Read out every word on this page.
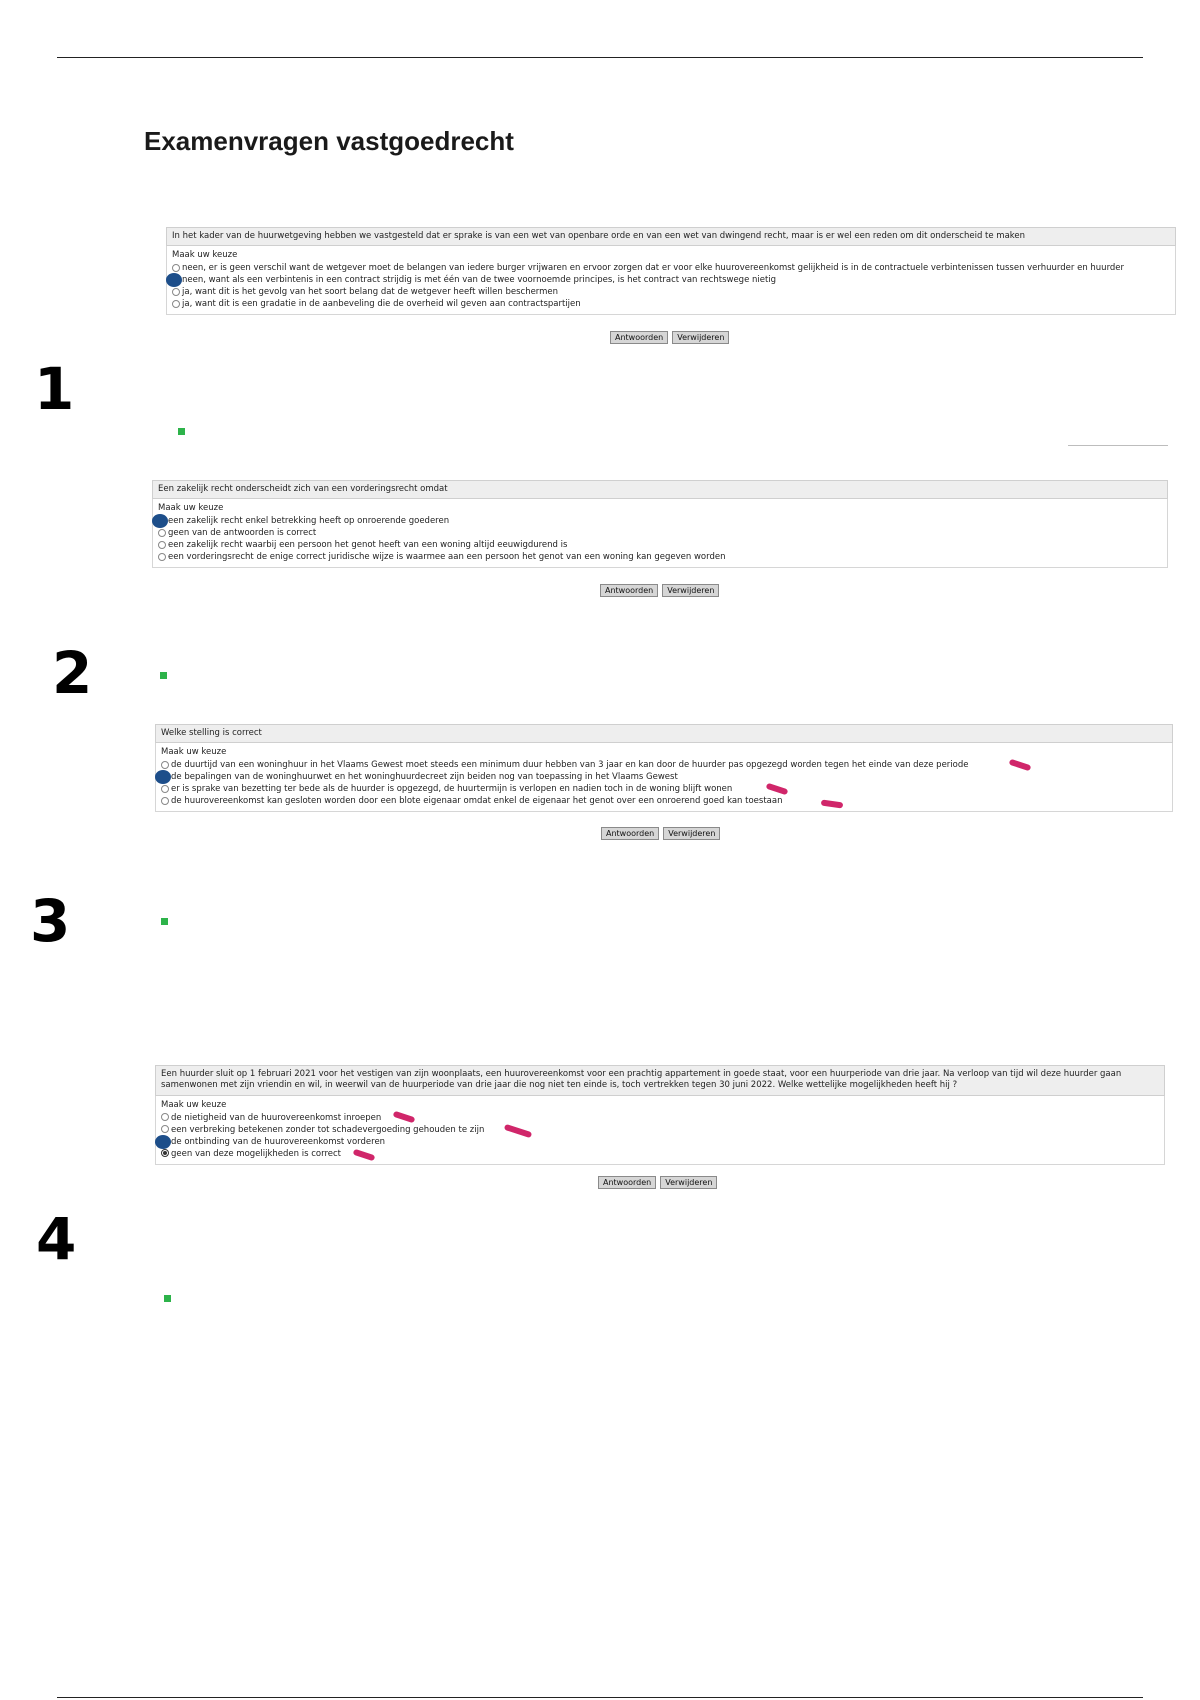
Examenvragen vastgoedrecht
In het kader van de huurwetgeving hebben we vastgesteld dat er sprake is van een wet van openbare orde en van een wet van dwingend recht, maar is er wel een reden om dit onderscheid te maken
Maak uw keuze
neen, er is geen verschil want de wetgever moet de belangen van iedere burger vrijwaren en ervoor zorgen dat er voor elke huurovereenkomst gelijkheid is in de contractuele verbintenissen tussen verhuurder en huurder
neen, want als een verbintenis in een contract strijdig is met één van de twee voornoemde principes, is het contract van rechtswege nietig
ja, want dit is het gevolg van het soort belang dat de wetgever heeft willen beschermen
ja, want dit is een gradatie in de aanbeveling die de overheid wil geven aan contractspartijen
Antwoorden	Verwijderen
1
Een zakelijk recht onderscheidt zich van een vorderingsrecht omdat
Maak uw keuze
een zakelijk recht enkel betrekking heeft op onroerende goederen
geen van de antwoorden is correct
een zakelijk recht waarbij een persoon het genot heeft van een woning altijd eeuwigdurend is
een vorderingsrecht de enige correct juridische wijze is waarmee aan een persoon het genot van een woning kan gegeven worden
Antwoorden	Verwijderen
2
Welke stelling is correct
Maak uw keuze
de duurtijd van een woninghuur in het Vlaams Gewest moet steeds een minimum duur hebben van 3 jaar en kan door de huurder pas opgezegd worden tegen het einde van deze periode
de bepalingen van de woninghuurwet en het woninghuurdecreet zijn beiden nog van toepassing in het Vlaams Gewest
er is sprake van bezetting ter bede als de huurder is opgezegd, de huurtermijn is verlopen en nadien toch in de woning blijft wonen
de huurovereenkomst kan gesloten worden door een blote eigenaar omdat enkel de eigenaar het genot over een onroerend goed kan toestaan
Antwoorden	Verwijderen
3
Een huurder sluit op 1 februari 2021 voor het vestigen van zijn woonplaats, een huurovereenkomst voor een prachtig appartement in goede staat, voor een huurperiode van drie jaar. Na verloop van tijd wil deze huurder gaan samenwonen met zijn vriendin en wil, in weerwil van de huurperiode van drie jaar die nog niet ten einde is, toch vertrekken tegen 30 juni 2022. Welke wettelijke mogelijkheden heeft hij ?
Maak uw keuze
de nietigheid van de huurovereenkomst inroepen
een verbreking betekenen zonder tot schadevergoeding gehouden te zijn
de ontbinding van de huurovereenkomst vorderen
geen van deze mogelijkheden is correct
Antwoorden	Verwijderen
4
